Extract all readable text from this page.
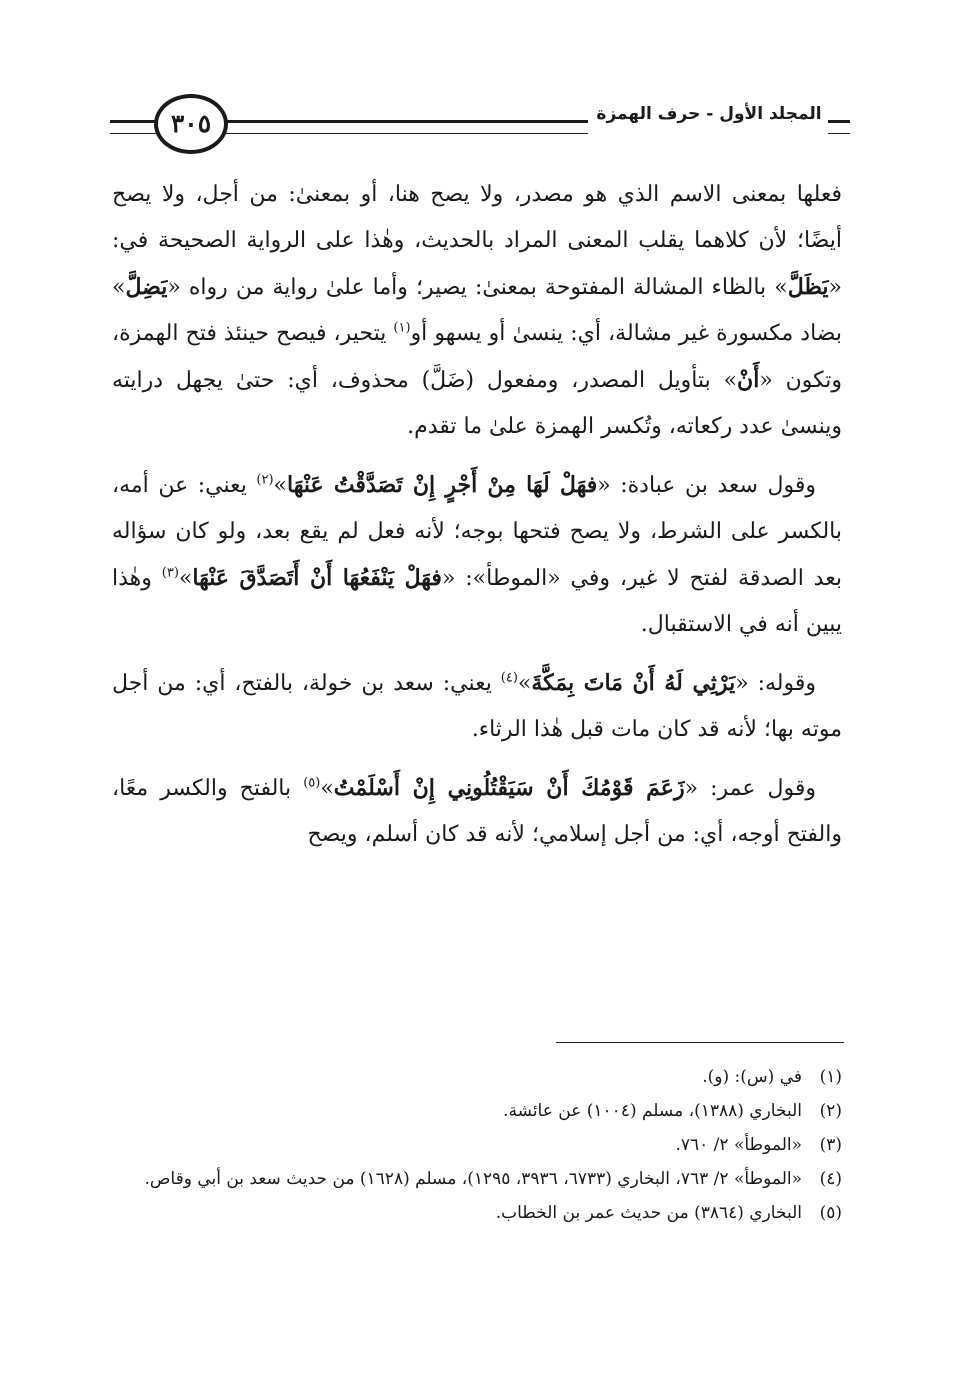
٣٠٥	المجلد الأول - حرف الهمزة

فعلها بمعنى الاسم الذي هو مصدر، ولا يصح هنا، أو بمعنىٰ: من أجل، ولا يصح أيضًا؛ لأن كلاهما يقلب المعنى المراد بالحديث، وهٰذا على الرواية الصحيحة في: «يَظَلَّ» بالظاء المشالة المفتوحة بمعنىٰ: يصير؛ وأما علىٰ رواية من رواه «يَضِلَّ» بضاد مكسورة غير مشالة، أي: ينسىٰ أو يسهو أو$^{(١)}$ يتحير، فيصح حينئذ فتح الهمزة، وتكون «أَنْ» بتأويل المصدر، ومفعول (ضَلَّ) محذوف، أي: حتىٰ يجهل درايته وينسىٰ عدد ركعاته، وتُكسر الهمزة علىٰ ما تقدم.

وقول سعد بن عبادة: «فهَلْ لَهَا مِنْ أَجْرٍ إِنْ تَصَدَّقْتُ عَنْهَا»$^{(٢)}$ يعني: عن أمه، بالكسر على الشرط، ولا يصح فتحها بوجه؛ لأنه فعل لم يقع بعد، ولو كان سؤاله بعد الصدقة لفتح لا غير، وفي «الموطأ»: «فهَلْ يَنْفَعُهَا أَنْ أَتَصَدَّقَ عَنْهَا»$^{(٣)}$ وهٰذا يبين أنه في الاستقبال.

وقوله: «يَرْثِي لَهُ أَنْ مَاتَ بِمَكَّةَ»$^{(٤)}$ يعني: سعد بن خولة، بالفتح، أي: من أجل موته بها؛ لأنه قد كان مات قبل هٰذا الرثاء.

وقول عمر: «زَعَمَ قَوْمُكَ أَنْ سَيَقْتُلُونِي إِنْ أَسْلَمْتُ»$^{(٥)}$ بالفتح والكسر معًا، والفتح أوجه، أي: من أجل إسلامي؛ لأنه قد كان أسلم، ويصح

(١)
في (س): (و).
(٢)
البخاري (١٣٨٨)، مسلم (١٠٠٤) عن عائشة.
(٣)
«الموطأ» ٢/ ٧٦٠.
(٤)
«الموطأ» ٢/ ٧٦٣، البخاري (٦٧٣٣، ٣٩٣٦، ١٢٩٥)، مسلم (١٦٢٨) من حديث سعد بن أبي وقاص.
(٥)
البخاري (٣٨٦٤) من حديث عمر بن الخطاب.
